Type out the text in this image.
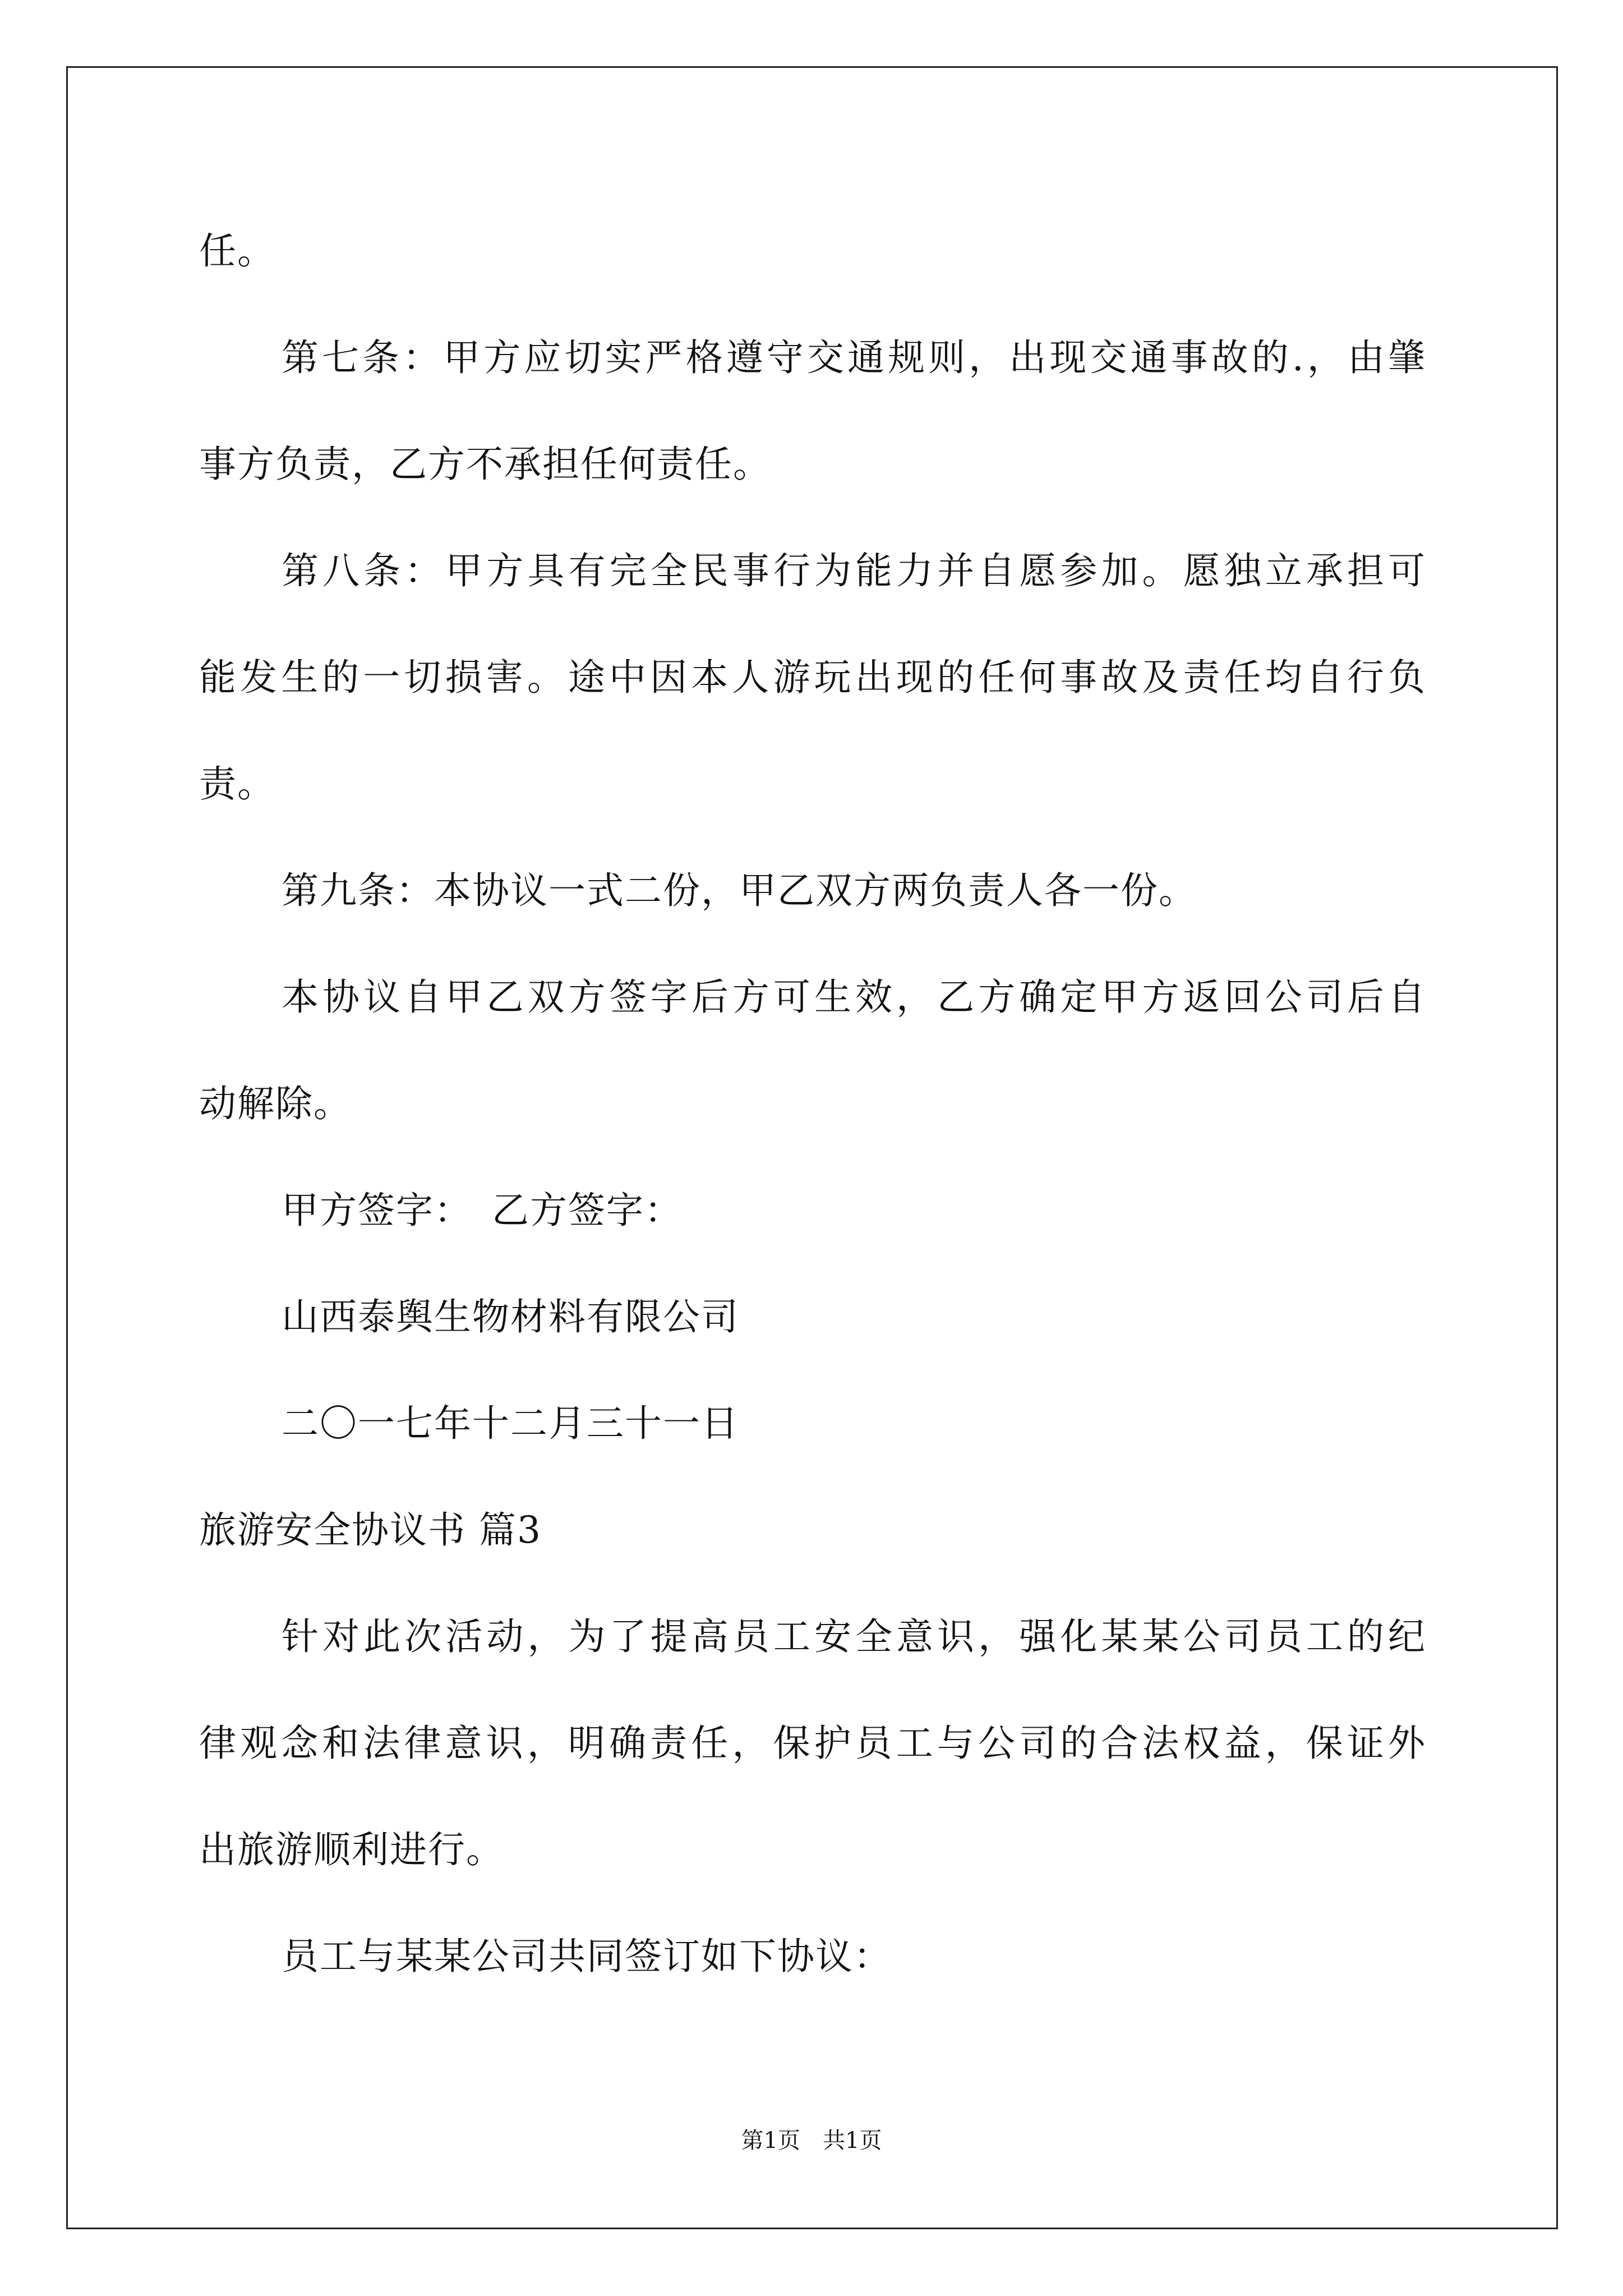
任。
第七条：甲方应切实严格遵守交通规则，出现交通事故的.，由肇
事方负责，乙方不承担任何责任。
第八条：甲方具有完全民事行为能力并自愿参加。愿独立承担可
能发生的一切损害。途中因本人游玩出现的任何事故及责任均自行负
责。
第九条：本协议一式二份，甲乙双方两负责人各一份。
本协议自甲乙双方签字后方可生效，乙方确定甲方返回公司后自
动解除。
甲方签字：　乙方签字：
山西泰舆生物材料有限公司
二〇一七年十二月三十一日
旅游安全协议书 篇3
针对此次活动，为了提高员工安全意识，强化某某公司员工的纪
律观念和法律意识，明确责任，保护员工与公司的合法权益，保证外
出旅游顺利进行。
员工与某某公司共同签订如下协议：
第1页　共1页
